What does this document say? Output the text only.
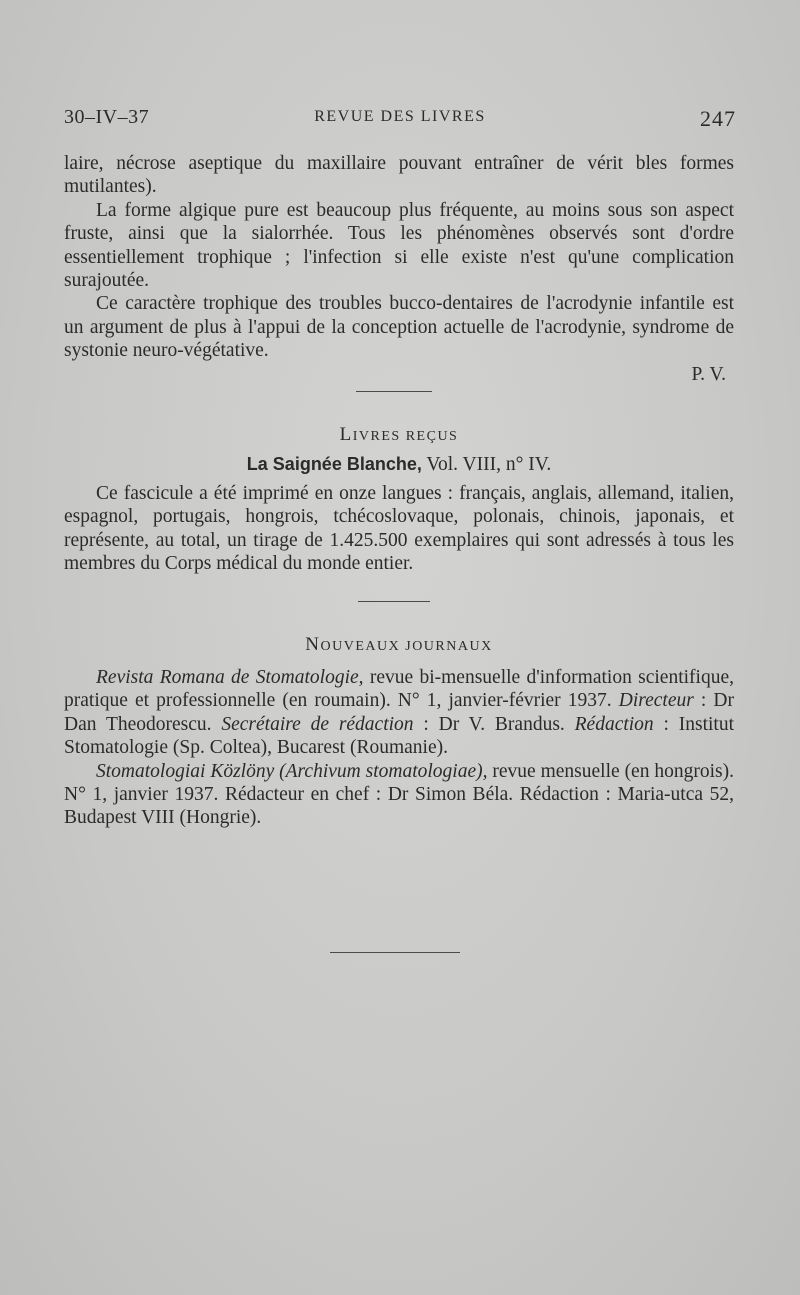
30–IV–37	REVUE DES LIVRES	247

laire, nécrose aseptique du maxillaire pouvant entraîner de vérit bles formes mutilantes).

La forme algique pure est beaucoup plus fréquente, au moins sous son aspect fruste, ainsi que la sialorrhée. Tous les phénomènes observés sont d'ordre essentiellement trophique ; l'infection si elle existe n'est qu'une complication surajoutée.

Ce caractère trophique des troubles bucco-dentaires de l'acrodynie infantile est un argument de plus à l'appui de la conception actuelle de l'acrodynie, syndrome de systonie neuro-végétative.

P. V.

LIVRES REÇUS
La Saignée Blanche, Vol. VIII, n° IV.

Ce fascicule a été imprimé en onze langues : français, anglais, allemand, italien, espagnol, portugais, hongrois, tchécoslovaque, polonais, chinois, japonais, et représente, au total, un tirage de 1.425.500 exemplaires qui sont adressés à tous les membres du Corps médical du monde entier.

NOUVEAUX JOURNAUX

Revista Romana de Stomatologie, revue bi-mensuelle d'information scientifique, pratique et professionnelle (en roumain). N° 1, janvier-février 1937. Directeur : Dr Dan Theodorescu. Secrétaire de rédaction : Dr V. Brandus. Rédaction : Institut Stomatologie (Sp. Coltea), Bucarest (Roumanie).

Stomatologiai Közlöny (Archivum stomatologiae), revue mensuelle (en hongrois). N° 1, janvier 1937. Rédacteur en chef : Dr Simon Béla. Rédaction : Maria-utca 52, Budapest VIII (Hongrie).
